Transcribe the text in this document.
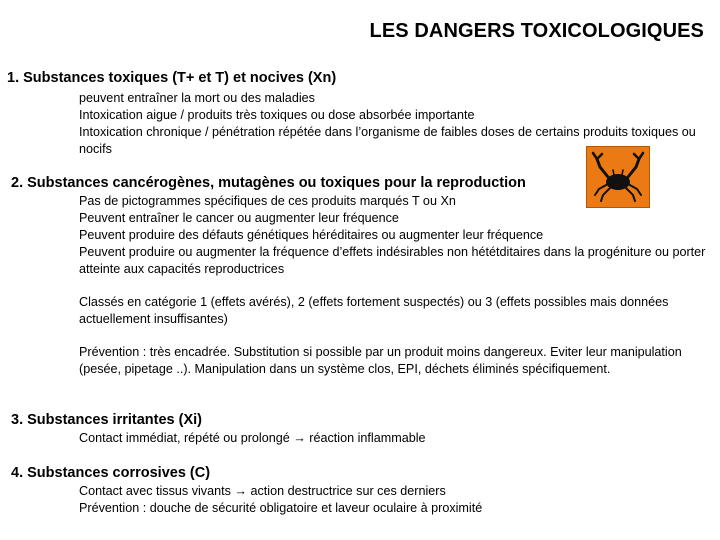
LES DANGERS TOXICOLOGIQUES
1. Substances toxiques (T+ et T) et nocives (Xn)
peuvent entraîner la mort ou des maladies
Intoxication aigue / produits très toxiques ou dose absorbée importante
Intoxication chronique / pénétration répétée dans l’organisme de faibles doses de certains produits toxiques ou nocifs
2. Substances cancérogènes, mutagènes ou toxiques pour la reproduction
Pas de pictogrammes spécifiques de ces produits marqués T ou Xn
Peuvent entraîner le cancer ou augmenter leur fréquence
Peuvent produire des défauts génétiques héréditaires ou augmenter leur fréquence
Peuvent produire ou augmenter la fréquence d’effets indésirables non hététditaires dans la progéniture ou porter atteinte aux capacités reproductrices
Classés en catégorie 1 (effets avérés), 2 (effets fortement suspectés) ou 3 (effets possibles mais données actuellement insuffisantes)
Prévention : très encadrée. Substitution si possible par un produit moins dangereux. Eviter leur manipulation (pesée, pipetage ..). Manipulation dans un système clos, EPI, déchets éliminés spécifiquement.
3. Substances irritantes (Xi)
Contact immédiat, répété ou prolongé → réaction inflammable
4. Substances corrosives (C)
Contact avec tissus vivants → action destructrice sur ces derniers
Prévention : douche de sécurité obligatoire et laveur oculaire à proximité
